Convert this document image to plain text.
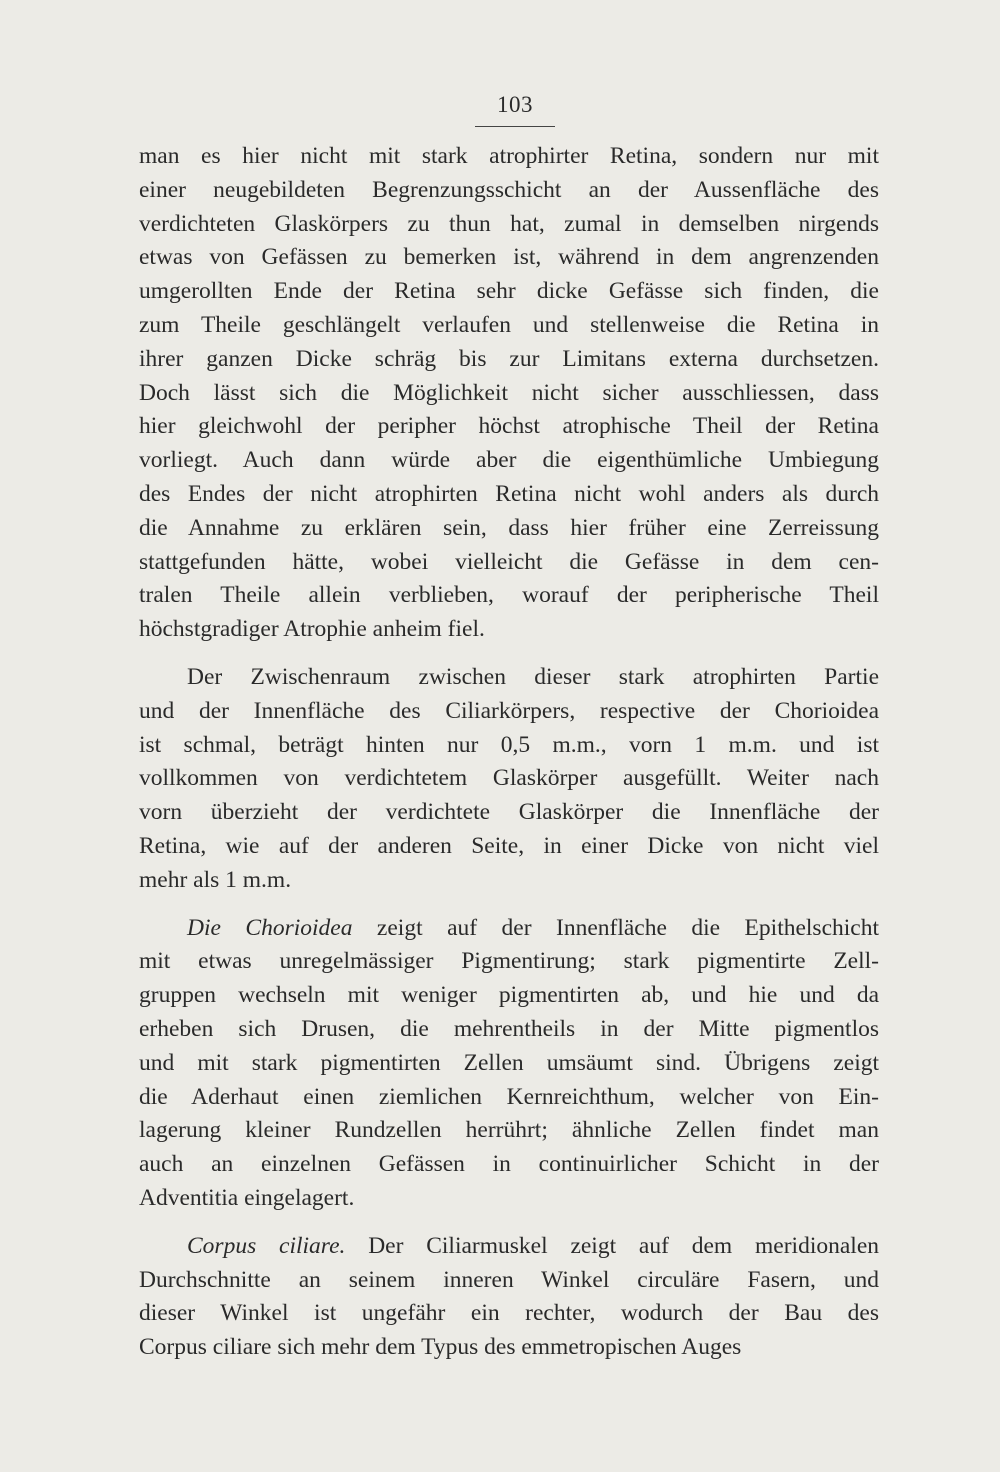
103
man es hier nicht mit stark atrophirter Retina, sondern nur mit
einer neugebildeten Begrenzungsschicht an der Aussenfläche des
verdichteten Glaskörpers zu thun hat, zumal in demselben nirgends
etwas von Gefässen zu bemerken ist, während in dem angrenzenden
umgerollten Ende der Retina sehr dicke Gefässe sich finden, die
zum Theile geschlängelt verlaufen und stellenweise die Retina in
ihrer ganzen Dicke schräg bis zur Limitans externa durchsetzen.
Doch lässt sich die Möglichkeit nicht sicher ausschliessen, dass
hier gleichwohl der peripher höchst atrophische Theil der Retina
vorliegt. Auch dann würde aber die eigenthümliche Umbiegung
des Endes der nicht atrophirten Retina nicht wohl anders als durch
die Annahme zu erklären sein, dass hier früher eine Zerreissung
stattgefunden hätte, wobei vielleicht die Gefässe in dem cen-
tralen Theile allein verblieben, worauf der peripherische Theil
höchstgradiger Atrophie anheim fiel.
Der Zwischenraum zwischen dieser stark atrophirten Partie
und der Innenfläche des Ciliarkörpers, respective der Chorioidea
ist schmal, beträgt hinten nur 0,5 m.m., vorn 1 m.m. und ist
vollkommen von verdichtetem Glaskörper ausgefüllt. Weiter nach
vorn überzieht der verdichtete Glaskörper die Innenfläche der
Retina, wie auf der anderen Seite, in einer Dicke von nicht viel
mehr als 1 m.m.
Die Chorioidea zeigt auf der Innenfläche die Epithelschicht
mit etwas unregelmässiger Pigmentirung; stark pigmentirte Zell-
gruppen wechseln mit weniger pigmentirten ab, und hie und da
erheben sich Drusen, die mehrentheils in der Mitte pigmentlos
und mit stark pigmentirten Zellen umsäumt sind. Übrigens zeigt
die Aderhaut einen ziemlichen Kernreichthum, welcher von Ein-
lagerung kleiner Rundzellen herrührt; ähnliche Zellen findet man
auch an einzelnen Gefässen in continuirlicher Schicht in der
Adventitia eingelagert.
Corpus ciliare. Der Ciliarmuskel zeigt auf dem meridionalen
Durchschnitte an seinem inneren Winkel circuläre Fasern, und
dieser Winkel ist ungefähr ein rechter, wodurch der Bau des
Corpus ciliare sich mehr dem Typus des emmetropischen Auges
